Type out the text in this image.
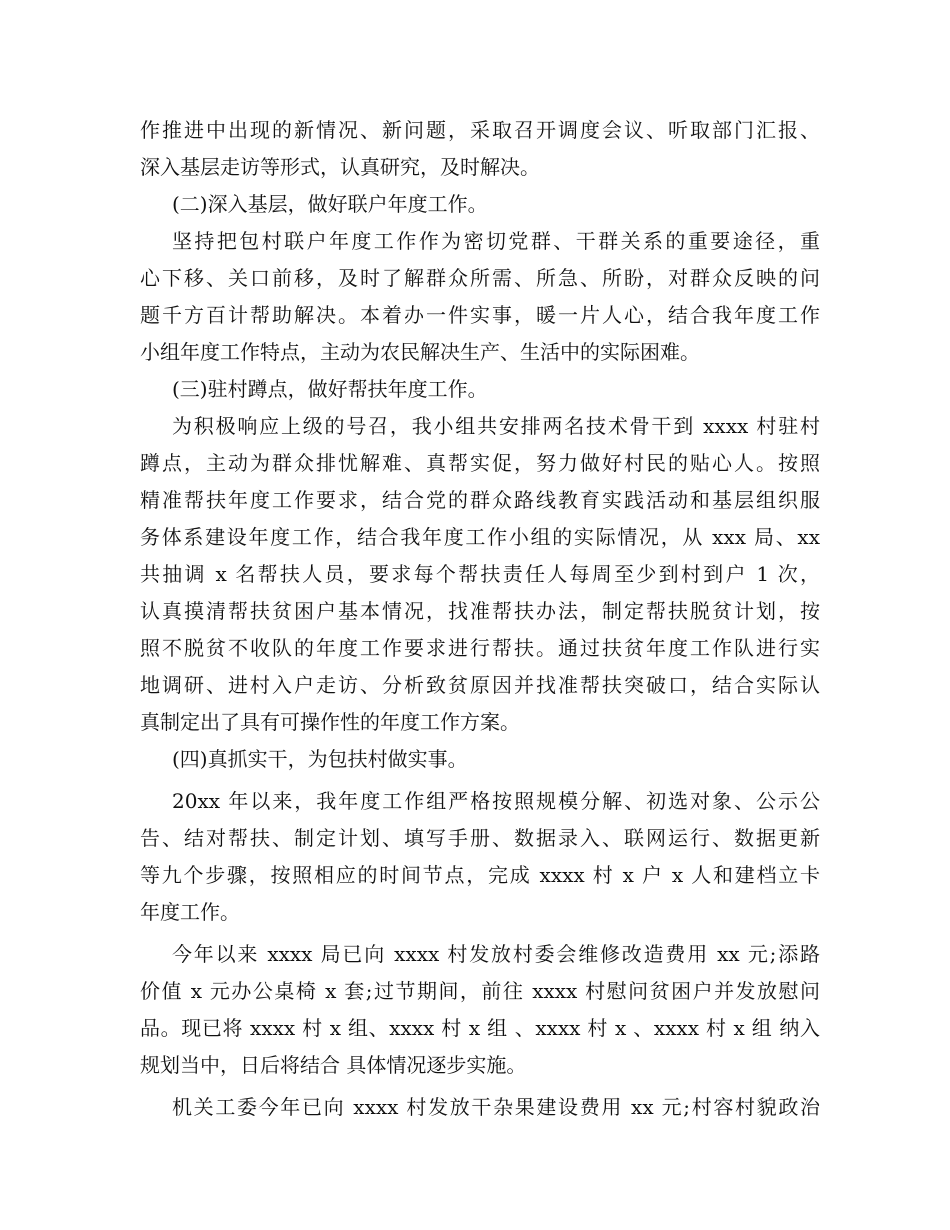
作推进中出现的新情况、新问题，采取召开调度会议、听取部门汇报、
深入基层走访等形式，认真研究，及时解决。
(二)深入基层，做好联户年度工作。
坚持把包村联户年度工作作为密切党群、干群关系的重要途径，重
心下移、关口前移，及时了解群众所需、所急、所盼，对群众反映的问
题千方百计帮助解决。本着办一件实事，暖一片人心，结合我年度工作
小组年度工作特点，主动为农民解决生产、生活中的实际困难。
(三)驻村蹲点，做好帮扶年度工作。
为积极响应上级的号召，我小组共安排两名技术骨干到 xxxx 村驻村
蹲点，主动为群众排忧解难、真帮实促，努力做好村民的贴心人。按照
精准帮扶年度工作要求，结合党的群众路线教育实践活动和基层组织服
务体系建设年度工作，结合我年度工作小组的实际情况，从 xxx 局、xx
共抽调 x 名帮扶人员，要求每个帮扶责任人每周至少到村到户 1 次，
认真摸清帮扶贫困户基本情况，找准帮扶办法，制定帮扶脱贫计划，按
照不脱贫不收队的年度工作要求进行帮扶。通过扶贫年度工作队进行实
地调研、进村入户走访、分析致贫原因并找准帮扶突破口，结合实际认
真制定出了具有可操作性的年度工作方案。
(四)真抓实干，为包扶村做实事。
20xx 年以来，我年度工作组严格按照规模分解、初选对象、公示公
告、结对帮扶、制定计划、填写手册、数据录入、联网运行、数据更新
等九个步骤，按照相应的时间节点，完成 xxxx 村 x 户 x 人和建档立卡
年度工作。
今年以来 xxxx 局已向 xxxx 村发放村委会维修改造费用 xx 元;添路
价值 x 元办公桌椅 x 套;过节期间，前往 xxxx 村慰问贫困户并发放慰问
品。现已将 xxxx 村 x 组、xxxx 村 x 组 、xxxx 村 x 、xxxx 村 x 组 纳入
规划当中，日后将结合 具体情况逐步实施。
机关工委今年已向 xxxx 村发放干杂果建设费用 xx 元;村容村貌政治
